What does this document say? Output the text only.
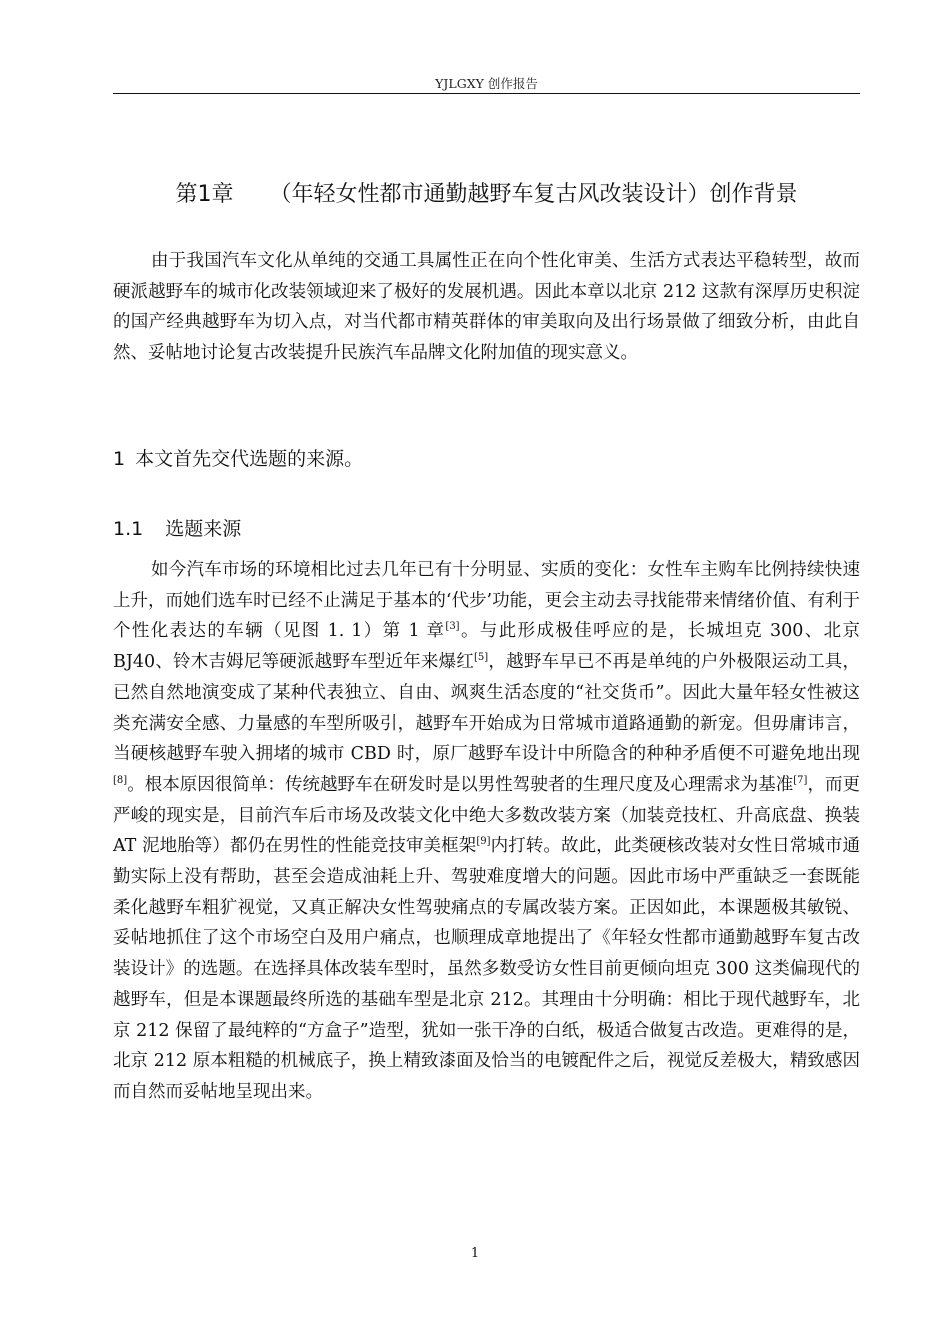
YJLGXY 创作报告
第1章 （年轻女性都市通勤越野车复古风改装设计）创作背景

由于我国汽车文化从单纯的交通工具属性正在向个性化审美、生活方式表达平稳转型，故而硬派越野车的城市化改装领域迎来了极好的发展机遇。因此本章以北京 212 这款有深厚历史积淀的国产经典越野车为切入点，对当代都市精英群体的审美取向及出行场景做了细致分析，由此自然、妥帖地讨论复古改装提升民族汽车品牌文化附加值的现实意义。

1 本文首先交代选题的来源。
1.1 选题来源

如今汽车市场的环境相比过去几年已有十分明显、实质的变化：女性车主购车比例持续快速上升，而她们选车时已经不止满足于基本的‘代步’功能，更会主动去寻找能带来情绪价值、有利于个性化表达的车辆（见图 1. 1）第 1 章[3]。与此形成极佳呼应的是，长城坦克 300、北京 BJ40、铃木吉姆尼等硬派越野车型近年来爆红[5]，越野车早已不再是单纯的户外极限运动工具，已然自然地演变成了某种代表独立、自由、飒爽生活态度的“社交货币”。因此大量年轻女性被这类充满安全感、力量感的车型所吸引，越野车开始成为日常城市道路通勤的新宠。但毋庸讳言，当硬核越野车驶入拥堵的城市 CBD 时，原厂越野车设计中所隐含的种种矛盾便不可避免地出现[8]。根本原因很简单：传统越野车在研发时是以男性驾驶者的生理尺度及心理需求为基准[7]，而更严峻的现实是，目前汽车后市场及改装文化中绝大多数改装方案（加装竞技杠、升高底盘、换装 AT 泥地胎等）都仍在男性的性能竞技审美框架[9]内打转。故此，此类硬核改装对女性日常城市通勤实际上没有帮助，甚至会造成油耗上升、驾驶难度增大的问题。因此市场中严重缺乏一套既能柔化越野车粗犷视觉，又真正解决女性驾驶痛点的专属改装方案。正因如此，本课题极其敏锐、妥帖地抓住了这个市场空白及用户痛点，也顺理成章地提出了《年轻女性都市通勤越野车复古改装设计》的选题。在选择具体改装车型时，虽然多数受访女性目前更倾向坦克 300 这类偏现代的越野车，但是本课题最终所选的基础车型是北京 212。其理由十分明确：相比于现代越野车，北京 212 保留了最纯粹的“方盒子”造型，犹如一张干净的白纸，极适合做复古改造。更难得的是，北京 212 原本粗糙的机械底子，换上精致漆面及恰当的电镀配件之后，视觉反差极大，精致感因而自然而妥帖地呈现出来。

1
